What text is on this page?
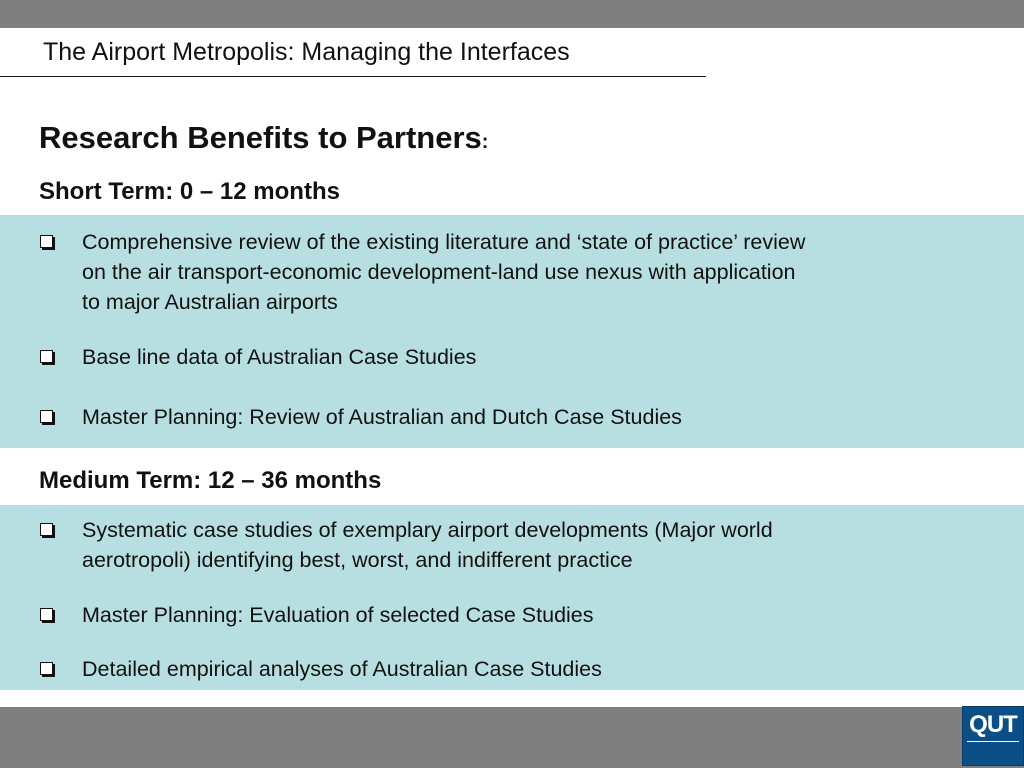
The Airport Metropolis: Managing the Interfaces
Research Benefits to Partners:
Short Term: 0 – 12 months
Comprehensive review of the existing literature and ‘state of practice’ review
on the air transport-economic development-land use nexus with application
to major Australian airports
Base line data of Australian Case Studies
Master Planning: Review of Australian and Dutch Case Studies
Medium Term: 12 – 36 months
Systematic case studies of exemplary airport developments (Major world
aerotropoli) identifying best, worst, and indifferent practice
Master Planning: Evaluation of selected Case Studies
Detailed empirical analyses of Australian Case Studies
QUT
